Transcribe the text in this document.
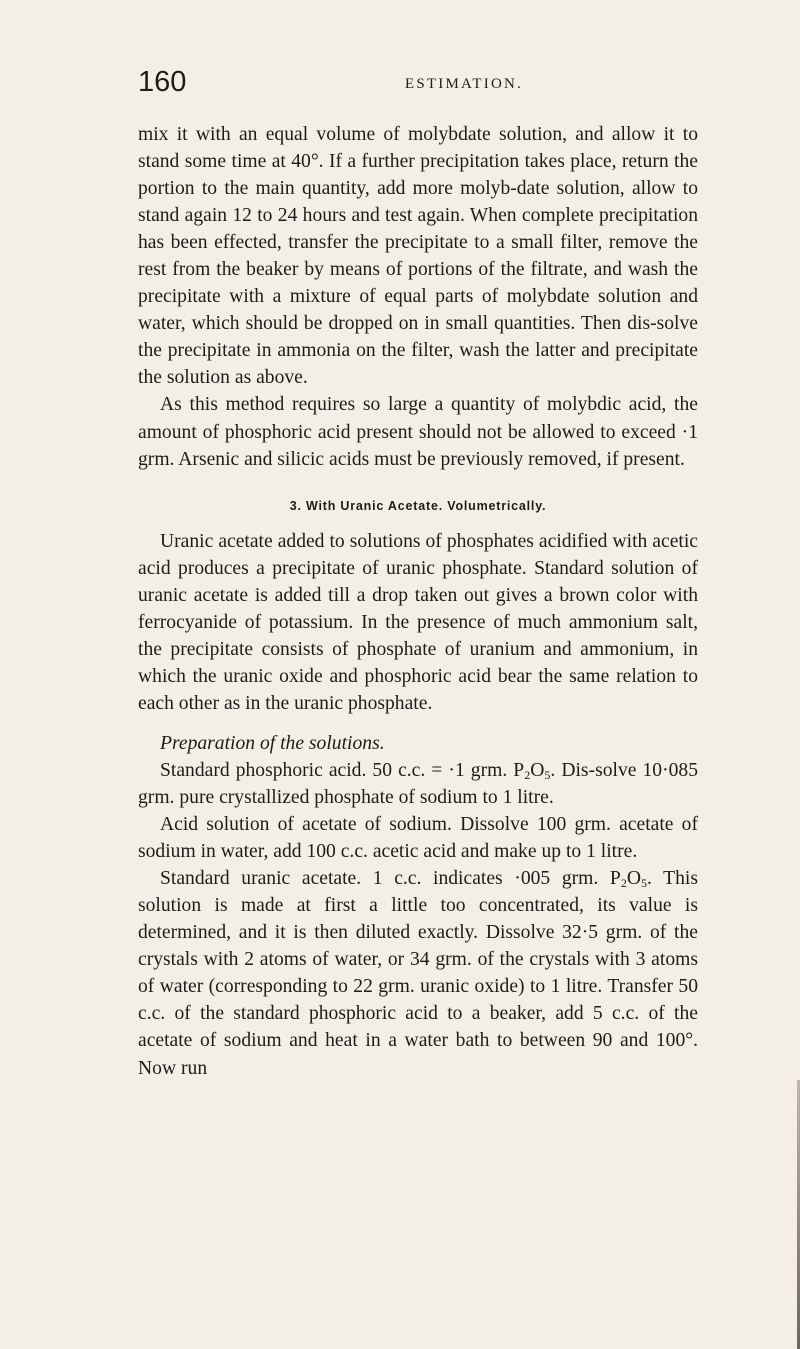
160	ESTIMATION.

mix it with an equal volume of molybdate solution, and allow it to stand some time at 40°. If a further precipitation takes place, return the portion to the main quantity, add more molyb-date solution, allow to stand again 12 to 24 hours and test again. When complete precipitation has been effected, transfer the precipitate to a small filter, remove the rest from the beaker by means of portions of the filtrate, and wash the precipitate with a mixture of equal parts of molybdate solution and water, which should be dropped on in small quantities. Then dis-solve the precipitate in ammonia on the filter, wash the latter and precipitate the solution as above.

As this method requires so large a quantity of molybdic acid, the amount of phosphoric acid present should not be allowed to exceed ·1 grm. Arsenic and silicic acids must be previously removed, if present.

3. With Uranic Acetate. Volumetrically.

Uranic acetate added to solutions of phosphates acidified with acetic acid produces a precipitate of uranic phosphate. Standard solution of uranic acetate is added till a drop taken out gives a brown color with ferrocyanide of potassium. In the presence of much ammonium salt, the precipitate consists of phosphate of uranium and ammonium, in which the uranic oxide and phosphoric acid bear the same relation to each other as in the uranic phosphate.

Preparation of the solutions.

Standard phosphoric acid. 50 c.c. = ·1 grm. $P_2O_5$. Dis-solve 10·085 grm. pure crystallized phosphate of sodium to 1 litre.

Acid solution of acetate of sodium. Dissolve 100 grm. acetate of sodium in water, add 100 c.c. acetic acid and make up to 1 litre.

Standard uranic acetate. 1 c.c. indicates ·005 grm. $P_2O_5$. This solution is made at first a little too concentrated, its value is determined, and it is then diluted exactly. Dissolve 32·5 grm. of the crystals with 2 atoms of water, or 34 grm. of the crystals with 3 atoms of water (corresponding to 22 grm. uranic oxide) to 1 litre. Transfer 50 c.c. of the standard phosphoric acid to a beaker, add 5 c.c. of the acetate of sodium and heat in a water bath to between 90 and 100°. Now run
